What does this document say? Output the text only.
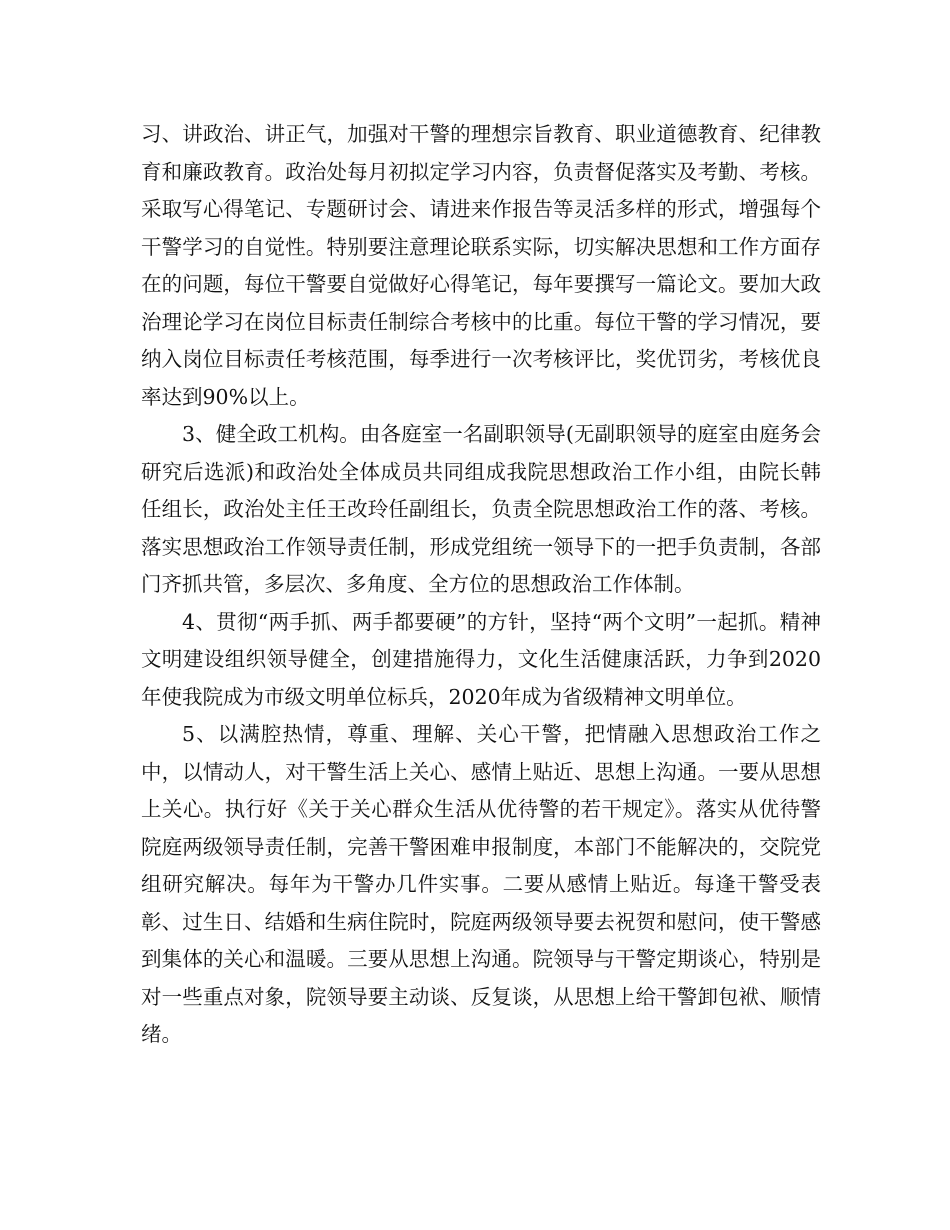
习、讲政治、讲正气，加强对干警的理想宗旨教育、职业道德教育、纪律教育和廉政教育。政治处每月初拟定学习内容，负责督促落实及考勤、考核。采取写心得笔记、专题研讨会、请进来作报告等灵活多样的形式，增强每个干警学习的自觉性。特别要注意理论联系实际，切实解决思想和工作方面存在的问题，每位干警要自觉做好心得笔记，每年要撰写一篇论文。要加大政治理论学习在岗位目标责任制综合考核中的比重。每位干警的学习情况，要纳入岗位目标责任考核范围，每季进行一次考核评比，奖优罚劣，考核优良率达到90%以上。

3、健全政工机构。由各庭室一名副职领导(无副职领导的庭室由庭务会研究后选派)和政治处全体成员共同组成我院思想政治工作小组，由院长韩任组长，政治处主任王改玲任副组长，负责全院思想政治工作的落、考核。落实思想政治工作领导责任制，形成党组统一领导下的一把手负责制，各部门齐抓共管，多层次、多角度、全方位的思想政治工作体制。

4、贯彻“两手抓、两手都要硬”的方针，坚持“两个文明”一起抓。精神文明建设组织领导健全，创建措施得力，文化生活健康活跃，力争到2020年使我院成为市级文明单位标兵，2020年成为省级精神文明单位。

5、以满腔热情，尊重、理解、关心干警，把情融入思想政治工作之中，以情动人，对干警生活上关心、感情上贴近、思想上沟通。一要从思想上关心。执行好《关于关心群众生活从优待警的若干规定》。落实从优待警院庭两级领导责任制，完善干警困难申报制度，本部门不能解决的，交院党组研究解决。每年为干警办几件实事。二要从感情上贴近。每逢干警受表彰、过生日、结婚和生病住院时，院庭两级领导要去祝贺和慰问，使干警感到集体的关心和温暖。三要从思想上沟通。院领导与干警定期谈心，特别是对一些重点对象，院领导要主动谈、反复谈，从思想上给干警卸包袱、顺情绪。
